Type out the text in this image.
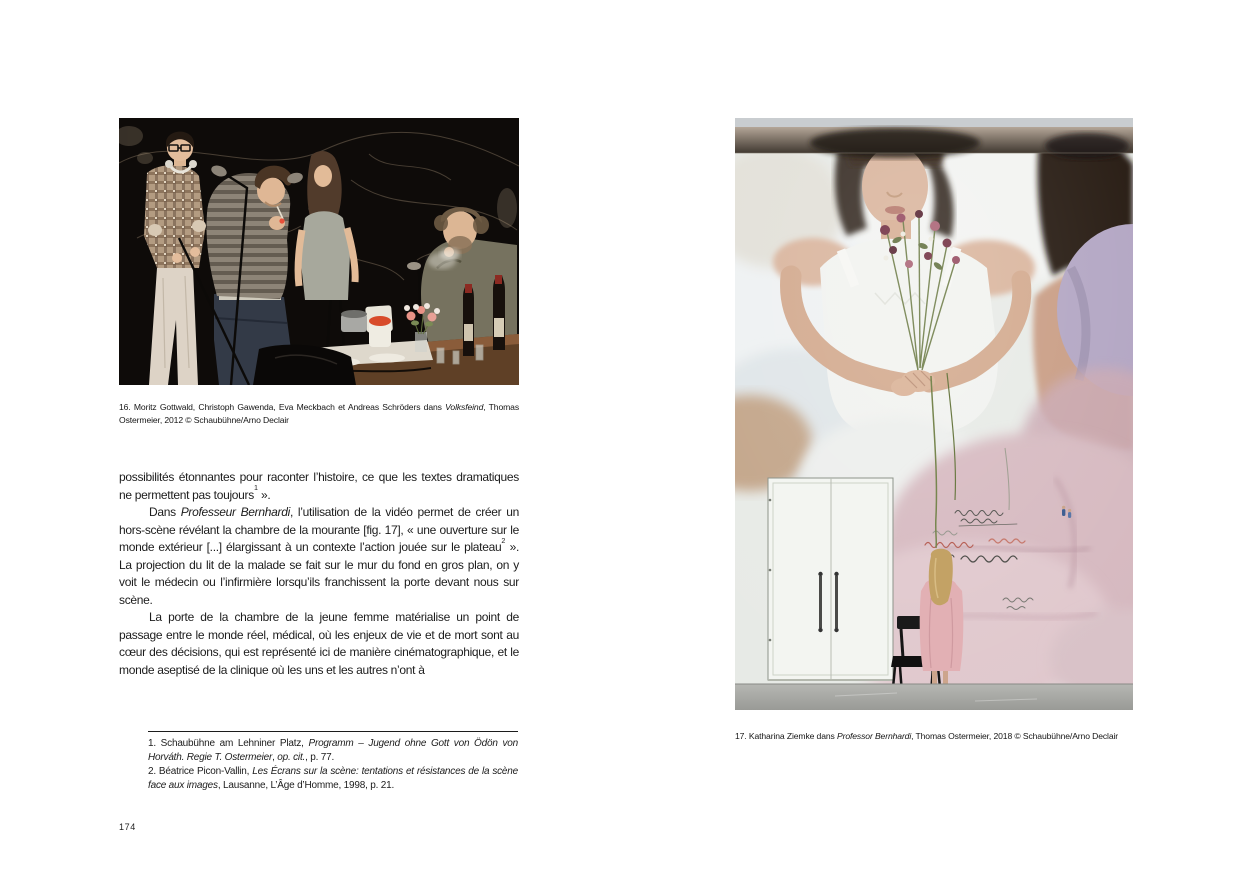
16. Moritz Gottwald, Christoph Gawenda, Eva Meckbach et Andreas Schröders dans Volksfeind, Thomas Ostermeier, 2012 © Schaubühne/Arno Declair

possibilités étonnantes pour raconter l’histoire, ce que les textes dramatiques ne permettent pas toujours$^1$ ».

Dans Professeur Bernhardi, l’utilisation de la vidéo permet de créer un hors-scène révélant la chambre de la mourante [fig. 17], « une ouverture sur le monde extérieur [...] élargissant à un contexte l’action jouée sur le plateau$^2$ ». La projection du lit de la malade se fait sur le mur du fond en gros plan, on y voit le médecin ou l’infirmière lorsqu’ils franchissent la porte devant nous sur scène.

La porte de la chambre de la jeune femme matérialise un point de passage entre le monde réel, médical, où les enjeux de vie et de mort sont au cœur des décisions, qui est représenté ici de manière cinématographique, et le monde aseptisé de la clinique où les uns et les autres n’ont à

1. Schaubühne am Lehniner Platz, Programm – Jugend ohne Gott von Ödön von Horváth. Regie T. Ostermeier, op. cit., p. 77.

2. Béatrice Picon-Vallin, Les Écrans sur la scène: tentations et résistances de la scène face aux images, Lausanne, L’Âge d’Homme, 1998, p. 21.

174

17. Katharina Ziemke dans Professor Bernhardi, Thomas Ostermeier, 2018 © Schaubühne/Arno Declair
